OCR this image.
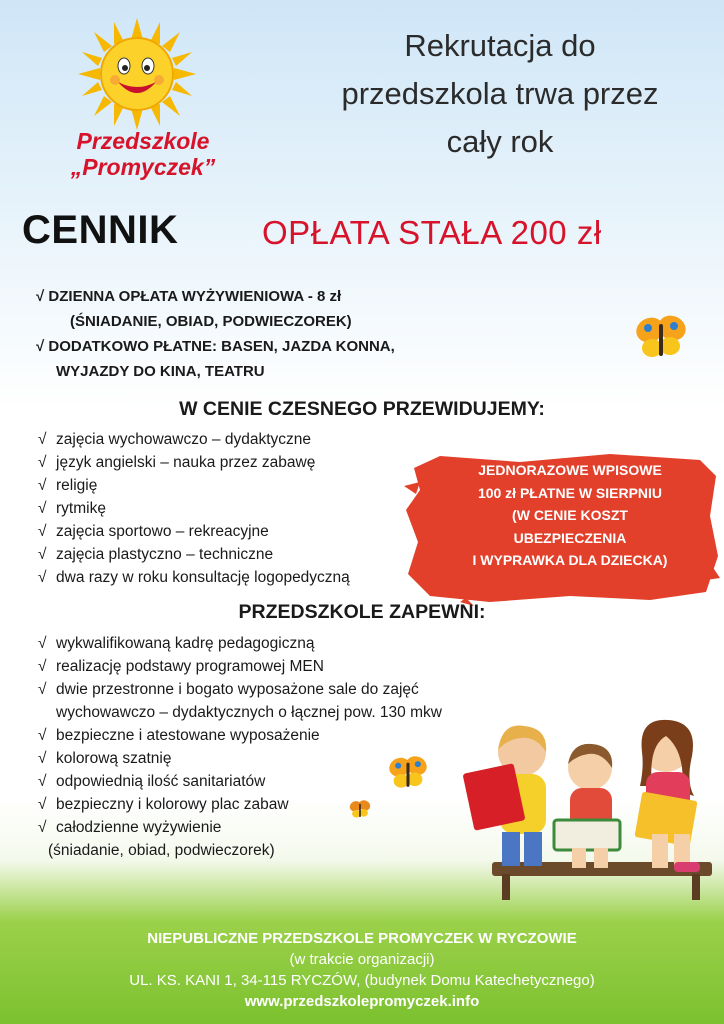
Przedszkole
„Promyczek”
Rekrutacja do
przedszkola trwa przez
cały rok
CENNIK	OPŁATA STAŁA 200 zł
√ DZIENNA OPŁATA WYŻYWIENIOWA - 8 zł
(ŚNIADANIE, OBIAD, PODWIECZOREK)
√ DODATKOWO PŁATNE: BASEN, JAZDA KONNA,
WYJAZDY DO KINA, TEATRU
W CENIE CZESNEGO PRZEWIDUJEMY:
√ zajęcia wychowawczo – dydaktyczne
√ język angielski – nauka przez zabawę
√ religię
√ rytmikę
√ zajęcia sportowo – rekreacyjne
√ zajęcia plastyczno – techniczne
√ dwa razy w roku konsultację logopedyczną
JEDNORAZOWE WPISOWE
100 zł PŁATNE W SIERPNIU
(W CENIE KOSZT
UBEZPIECZENIA
I WYPRAWKA DLA DZIECKA)
PRZEDSZKOLE ZAPEWNI:
√ wykwalifikowaną kadrę pedagogiczną
√ realizację podstawy programowej MEN
√ dwie przestronne i bogato wyposażone sale do zajęć
wychowawczo – dydaktycznych o łącznej pow. 130 mkw
√ bezpieczne i atestowane wyposażenie
√ kolorową szatnię
√ odpowiednią ilość sanitariatów
√ bezpieczny i kolorowy plac zabaw
√ całodzienne wyżywienie
(śniadanie, obiad, podwieczorek)
NIEPUBLICZNE PRZEDSZKOLE PROMYCZEK W RYCZOWIE
(w trakcie organizacji)
UL. KS. KANI 1, 34-115 RYCZÓW, (budynek Domu Katechetycznego)
www.przedszkolepromyczek.info
